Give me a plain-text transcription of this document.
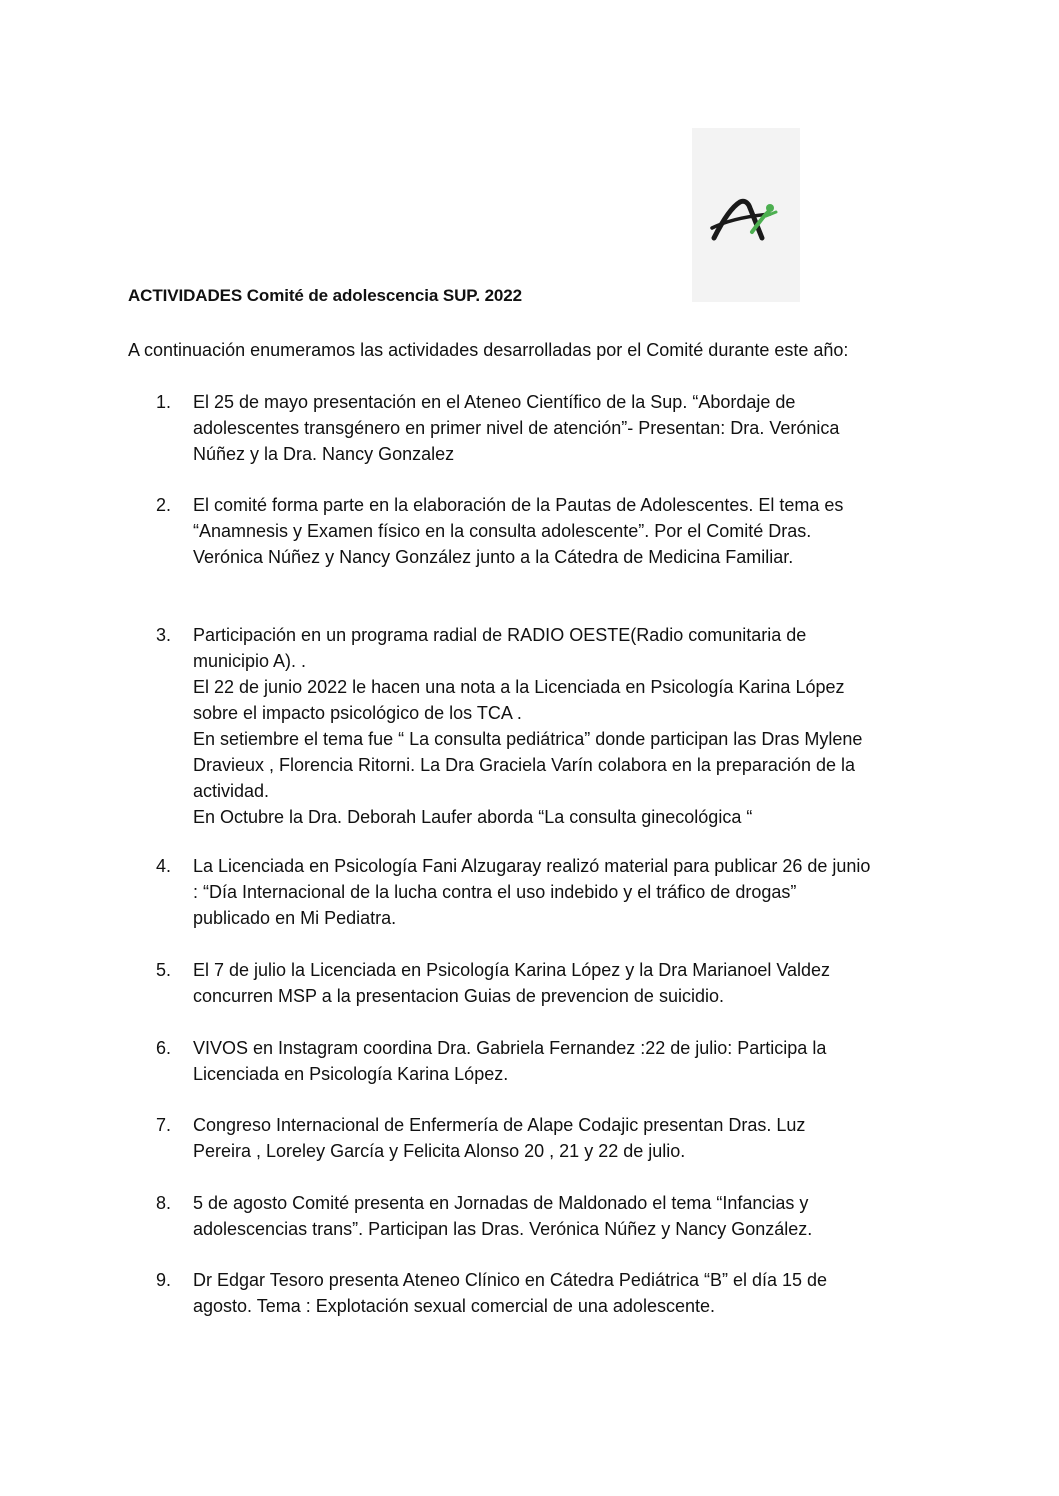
ACTIVIDADES Comité de adolescencia SUP. 2022
A continuación enumeramos las actividades desarrolladas por el Comité durante este año:
1.	El 25 de mayo presentación en el Ateneo Científico de la Sup. “Abordaje de
adolescentes transgénero en primer nivel de atención”- Presentan: Dra. Verónica
Núñez y la Dra. Nancy Gonzalez
2.	El comité forma parte en la elaboración de la Pautas de Adolescentes. El tema es
“Anamnesis y Examen físico en la consulta adolescente”. Por el Comité Dras.
Verónica Núñez y Nancy González junto a la Cátedra de Medicina Familiar.
3.	Participación en un programa radial de RADIO OESTE(Radio comunitaria de
municipio A). .
El 22 de junio 2022 le hacen una nota a la Licenciada en Psicología Karina López
sobre el impacto psicológico de los TCA .
En setiembre el tema fue “ La consulta pediátrica” donde participan las Dras Mylene
Dravieux , Florencia Ritorni. La Dra Graciela Varín colabora en la preparación de la
actividad.
En Octubre la Dra. Deborah Laufer aborda “La consulta ginecológica “
4.	La Licenciada en Psicología Fani Alzugaray realizó material para publicar 26 de junio
: “Día Internacional de la lucha contra el uso indebido y el tráfico de drogas”
publicado en Mi Pediatra.
5.	El 7 de julio la Licenciada en Psicología Karina López y la Dra Marianoel Valdez
concurren MSP a la presentacion Guias de prevencion de suicidio.
6.	VIVOS en Instagram coordina Dra. Gabriela Fernandez :22 de julio: Participa la
Licenciada en Psicología Karina López.
7.	Congreso Internacional de Enfermería de Alape Codajic presentan Dras. Luz
Pereira , Loreley García y Felicita Alonso 20 , 21 y 22 de julio.
8.	5 de agosto Comité presenta en Jornadas de Maldonado el tema “Infancias y
adolescencias trans”. Participan las Dras. Verónica Núñez y Nancy González.
9.	Dr Edgar Tesoro presenta Ateneo Clínico en Cátedra Pediátrica “B” el día 15 de
agosto. Tema : Explotación sexual comercial de una adolescente.
